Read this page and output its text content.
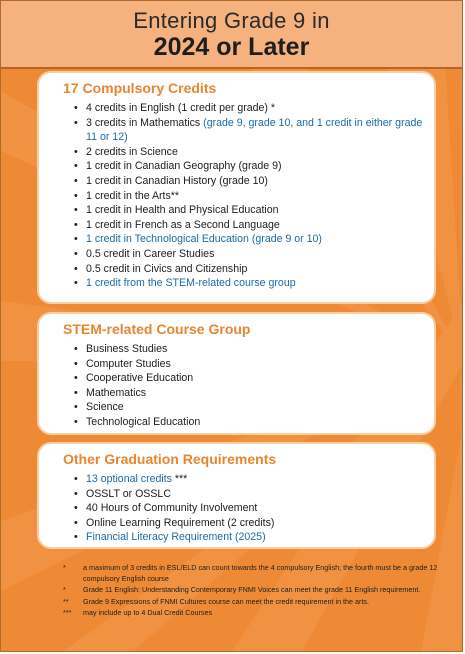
Entering Grade 9 in
2024 or Later
17 Compulsory Credits
• 4 credits in English (1 credit per grade) *
• 3 credits in Mathematics (grade 9, grade 10, and 1 credit in either grade 11 or 12)
• 2 credits in Science
• 1 credit in Canadian Geography (grade 9)
• 1 credit in Canadian History (grade 10)
• 1 credit in the Arts**
• 1 credit in Health and Physical Education
• 1 credit in French as a Second Language
• 1 credit in Technological Education (grade 9 or 10)
• 0.5 credit in Career Studies
• 0.5 credit in Civics and Citizenship
• 1 credit from the STEM-related course group
STEM-related Course Group
• Business Studies
• Computer Studies
• Cooperative Education
• Mathematics
• Science
• Technological Education
Other Graduation Requirements
• 13 optional credits ***
• OSSLT or OSSLC
• 40 Hours of Community Involvement
• Online Learning Requirement (2 credits)
• Financial Literacy Requirement (2025)
* a maximum of 3 credits in ESL/ELD can count towards the 4 compulsory English; the fourth must be a grade 12 compulsory English course
* Grade 11 English: Understanding Contemporary FNMI Voices can meet the grade 11 English requirement.
** Grade 9 Expressions of FNMI Cultures course can meet the credit requirement in the arts.
*** may include up to 4 Dual Credit Courses
